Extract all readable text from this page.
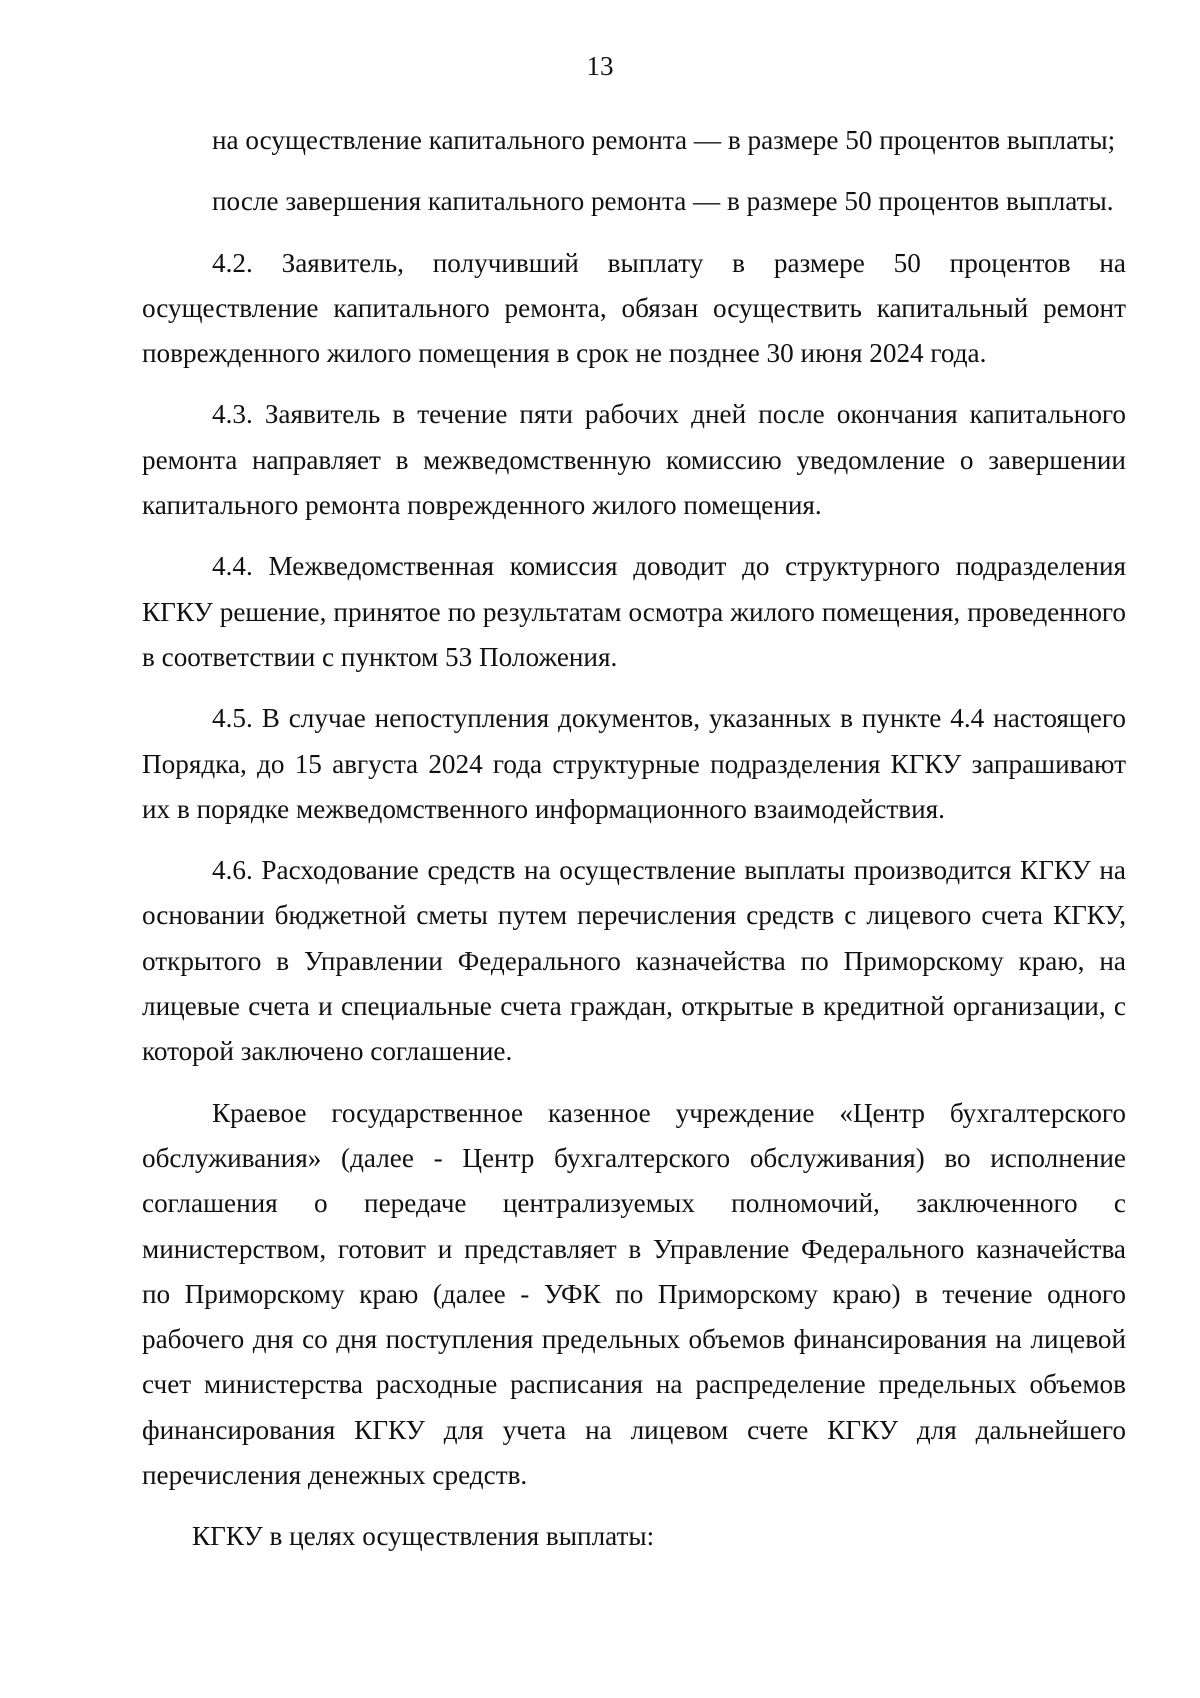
13

на осуществление капитального ремонта — в размере 50 процентов выплаты;

после завершения капитального ремонта — в размере 50 процентов выплаты.

4.2. Заявитель, получивший выплату в размере 50 процентов на осуществление капитального ремонта, обязан осуществить капитальный ремонт поврежденного жилого помещения в срок не позднее 30 июня 2024 года.

4.3. Заявитель в течение пяти рабочих дней после окончания капитального ремонта направляет в межведомственную комиссию уведомление о завершении капитального ремонта поврежденного жилого помещения.

4.4. Межведомственная комиссия доводит до структурного подразделения КГКУ решение, принятое по результатам осмотра жилого помещения, проведенного в соответствии с пунктом 53 Положения.

4.5. В случае непоступления документов, указанных в пункте 4.4 настоящего Порядка, до 15 августа 2024 года структурные подразделения КГКУ запрашивают их в порядке межведомственного информационного взаимодействия.

4.6. Расходование средств на осуществление выплаты производится КГКУ на основании бюджетной сметы путем перечисления средств с лицевого счета КГКУ, открытого в Управлении Федерального казначейства по Приморскому краю, на лицевые счета и специальные счета граждан, открытые в кредитной организации, с которой заключено соглашение.

Краевое государственное казенное учреждение «Центр бухгалтерского обслуживания» (далее - Центр бухгалтерского обслуживания) во исполнение соглашения о передаче централизуемых полномочий, заключенного с министерством, готовит и представляет в Управление Федерального казначейства по Приморскому краю (далее - УФК по Приморскому краю) в течение одного рабочего дня со дня поступления предельных объемов финансирования на лицевой счет министерства расходные расписания на распределение предельных объемов финансирования КГКУ для учета на лицевом счете КГКУ для дальнейшего перечисления денежных средств.

КГКУ в целях осуществления выплаты:
